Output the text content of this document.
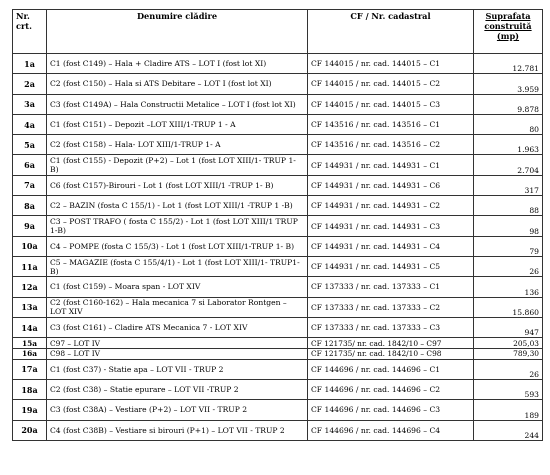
Nr. crt.	Denumire clădire	CF / Nr. cadastral	Suprafata construită (mp)
1a	C1 (fost C149) – Hala + Cladire ATS – LOT I (fost lot XI)	CF 144015 / nr. cad. 144015 – C1	12.781
2a	C2 (fost C150) – Hala si ATS Debitare – LOT I (fost lot XI)	CF 144015 / nr. cad. 144015 – C2	3.959
3a	C3 (fost C149A) – Hala Constructii Metalice – LOT I (fost lot XI)	CF 144015 / nr. cad. 144015 – C3	9.878
4a	C1 (fost C151) – Depozit –LOT XIII/1-TRUP 1 - A	CF 143516 / nr. cad. 143516 – C1	80
5a	C2 (fost C158) – Hala- LOT XIII/1-TRUP 1- A	CF 143516 / nr. cad. 143516 – C2	1.963
6a	C1 (fost C155) - Depozit (P+2) – Lot 1 (fost LOT XIII/1- TRUP 1- B)	CF 144931 / nr. cad. 144931 – C1	2.704
7a	C6 (fost C157)-Birouri - Lot 1 (fost LOT XIII/1 -TRUP 1- B)	CF 144931 / nr. cad. 144931 – C6	317
8a	C2 – BAZIN (fosta C 155/1) - Lot 1 (fost LOT XIII/1 -TRUP 1 -B)	CF 144931 / nr. cad. 144931 – C2	88
9a	C3 – POST TRAFO ( fosta C 155/2) - Lot 1 (fost LOT XIII/1 TRUP 1-B)	CF 144931 / nr. cad. 144931 – C3	98
10a	C4 – POMPE (fosta C 155/3) - Lot 1 (fost LOT XIII/1-TRUP 1- B)	CF 144931 / nr. cad. 144931 – C4	79
11a	C5 – MAGAZIE (fosta C 155/4/1) - Lot 1 (fost LOT XIII/1- TRUP1- B)	CF 144931 / nr. cad. 144931 – C5	26
12a	C1 (fost C159) – Moara span - LOT XIV	CF 137333 / nr. cad. 137333 – C1	136
13a	C2 (fost C160-162) – Hala mecanica 7 si Laborator Rontgen – LOT XIV	CF 137333 / nr. cad. 137333 – C2	15.860
14a	C3 (fost C161) – Cladire ATS Mecanica 7 - LOT XIV	CF 137333 / nr. cad. 137333 – C3	947
15a	C97 – LOT IV	CF 121735/ nr. cad. 1842/10 – C97	205,03
16a	C98 – LOT IV	CF 121735/ nr. cad. 1842/10 – C98	789,30
17a	C1 (fost C37) - Statie apa – LOT VII - TRUP 2	CF 144696 / nr. cad. 144696 – C1	26
18a	C2 (fost C38) – Statie epurare – LOT VII -TRUP 2	CF 144696 / nr. cad. 144696 – C2	593
19a	C3 (fost C38A) – Vestiare (P+2) – LOT VII - TRUP 2	CF 144696 / nr. cad. 144696 – C3	189
20a	C4 (fost C38B) – Vestiare si birouri (P+1) – LOT VII - TRUP 2	CF 144696 / nr. cad. 144696 – C4	244
